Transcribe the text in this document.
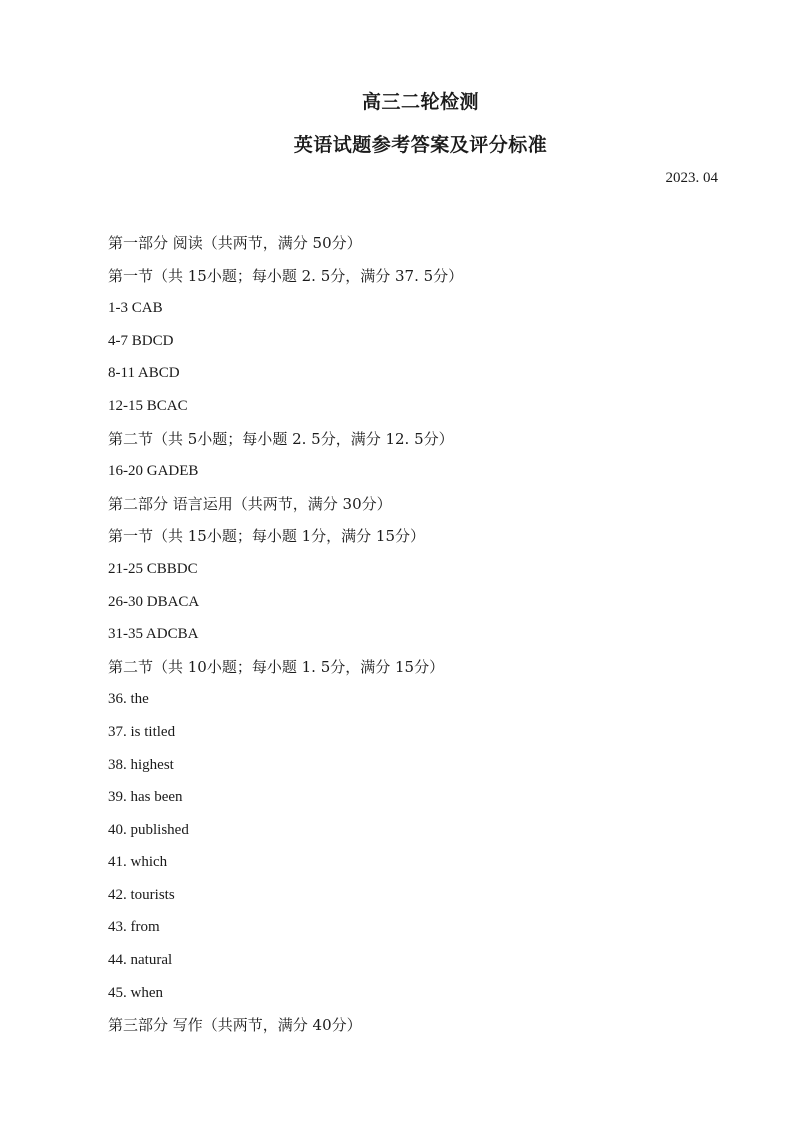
高三二轮检测
英语试题参考答案及评分标准
2023. 04
第一部分 阅读（共两节，满分 50分）
第一节（共 15小题；每小题 2. 5分，满分 37. 5分）
1-3 CAB
4-7 BDCD
8-11 ABCD
12-15 BCAC
第二节（共 5小题；每小题 2. 5分，满分 12. 5分）
16-20 GADEB
第二部分 语言运用（共两节，满分 30分）
第一节（共 15小题；每小题 1分，满分 15分）
21-25 CBBDC
26-30 DBACA
31-35 ADCBA
第二节（共 10小题；每小题 1. 5分，满分 15分）
36. the
37. is titled
38. highest
39. has been
40. published
41. which
42. tourists
43. from
44. natural
45. when
第三部分 写作（共两节，满分 40分）
